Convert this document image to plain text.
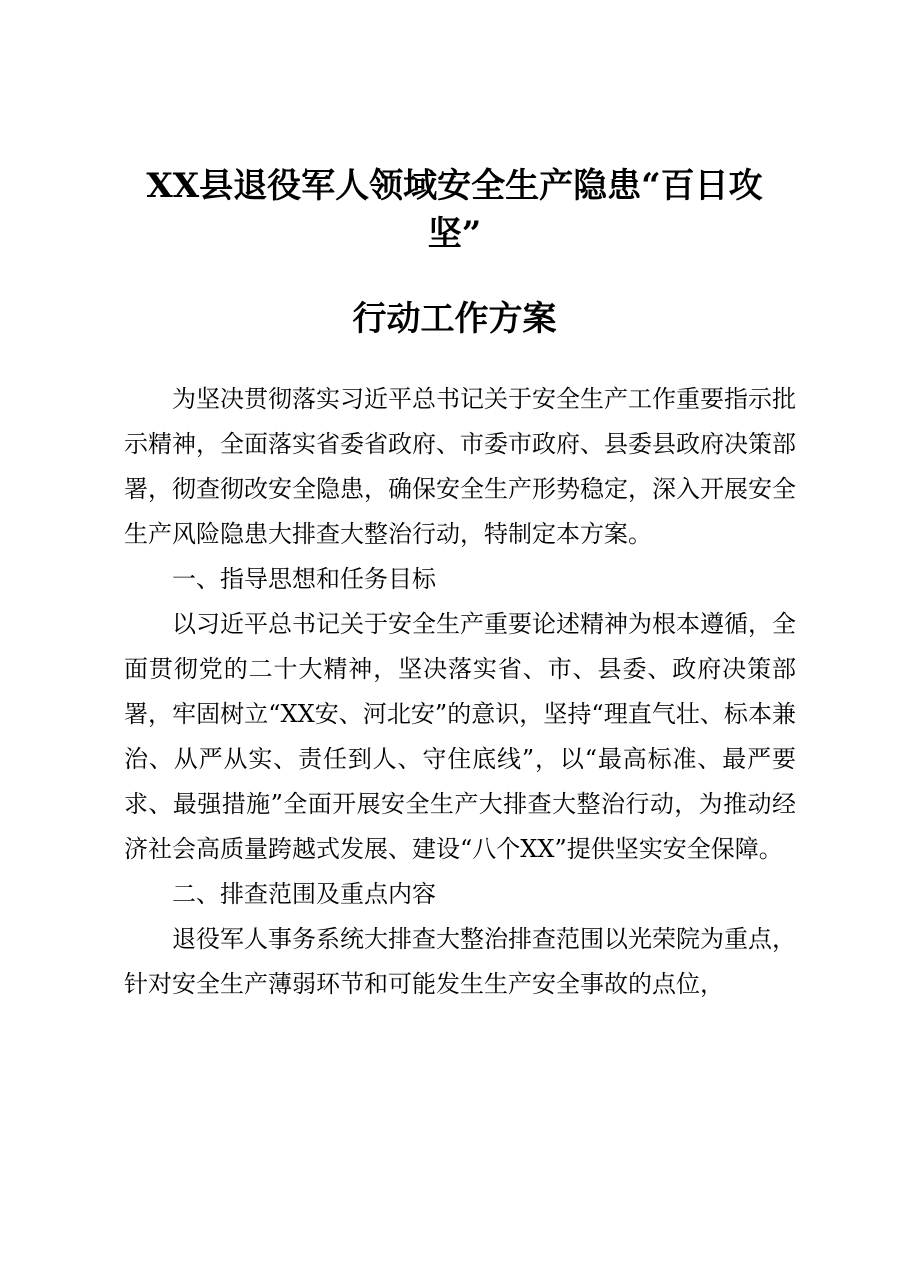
XX县退役军人领域安全生产隐患“百日攻
坚”
行动工作方案

为坚决贯彻落实习近平总书记关于安全生产工作重要指示批示精神，全面落实省委省政府、市委市政府、县委县政府决策部署，彻查彻改安全隐患，确保安全生产形势稳定，深入开展安全生产风险隐患大排查大整治行动，特制定本方案。

一、指导思想和任务目标

以习近平总书记关于安全生产重要论述精神为根本遵循，全面贯彻党的二十大精神，坚决落实省、市、县委、政府决策部署，牢固树立“XX安、河北安”的意识，坚持“理直气壮、标本兼治、从严从实、责任到人、守住底线”，以“最高标准、最严要求、最强措施”全面开展安全生产大排查大整治行动，为推动经济社会高质量跨越式发展、建设“八个XX”提供坚实安全保障。

二、排查范围及重点内容

退役军人事务系统大排查大整治排查范围以光荣院为重点，针对安全生产薄弱环节和可能发生生产安全事故的点位，
